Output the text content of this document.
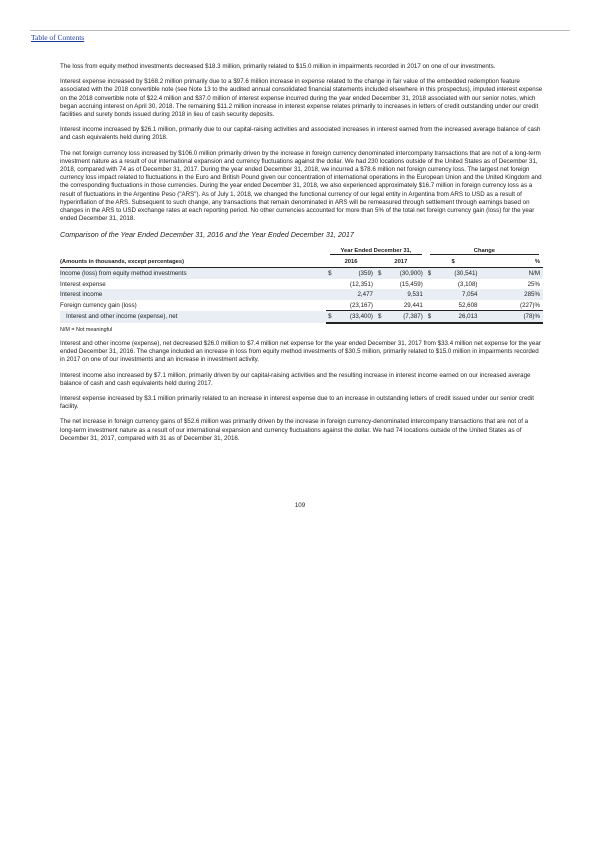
Table of Contents

The loss from equity method investments decreased $18.3 million, primarily related to $15.0 million in impairments recorded in 2017 on one of our investments.

Interest expense increased by $168.2 million primarily due to a $97.6 million increase in expense related to the change in fair value of the embedded redemption feature associated with the 2018 convertible note (see Note 13 to the audited annual consolidated financial statements included elsewhere in this prospectus), imputed interest expense on the 2018 convertible note of $22.4 million and $37.0 million of interest expense incurred during the year ended December 31, 2018 associated with our senior notes, which began accruing interest on April 30, 2018. The remaining $11.2 million increase in interest expense relates primarily to increases in letters of credit outstanding under our credit facilities and surety bonds issued during 2018 in lieu of cash security deposits.

Interest income increased by $26.1 million, primarily due to our capital-raising activities and associated increases in interest earned from the increased average balance of cash and cash equivalents held during 2018.

The net foreign currency loss increased by $106.0 million primarily driven by the increase in foreign currency denominated intercompany transactions that are not of a long-term investment nature as a result of our international expansion and currency fluctuations against the dollar. We had 230 locations outside of the United States as of December 31, 2018, compared with 74 as of December 31, 2017. During the year ended December 31, 2018, we incurred a $78.6 million net foreign currency loss. The largest net foreign currency loss impact related to fluctuations in the Euro and British Pound given our concentration of international operations in the European Union and the United Kingdom and the corresponding fluctuations in those currencies. During the year ended December 31, 2018, we also experienced approximately $16.7 million in foreign currency loss as a result of fluctuations in the Argentine Peso ("ARS"). As of July 1, 2018, we changed the functional currency of our legal entity in Argentina from ARS to USD as a result of hyperinflation of the ARS. Subsequent to such change, any transactions that remain denominated in ARS will be remeasured through settlement through earnings based on changes in the ARS to USD exchange rates at each reporting period. No other currencies accounted for more than 5% of the total net foreign currency gain (loss) for the year ended December 31, 2018.

Comparison of the Year Ended December 31, 2016 and the Year Ended December 31, 2017

	Year Ended December 31,				Change		

(Amounts in thousands, except percentages)	2016		2017		$		%
Income (loss) from equity method investments	$	(359)	$	(30,900)	$	(30,541)	N/M
Interest expense		(12,351)		(15,459)		(3,108)	25%
Interest income		2,477		9,531		7,054	285%
Foreign currency gain (loss)		(23,167)		29,441		52,608	(227)%
Interest and other income (expense), net	$	(33,400)	$	(7,387)	$	26,013	(78)%
N/M = Not meaningful

Interest and other income (expense), net decreased $26.0 million to $7.4 million net expense for the year ended December 31, 2017 from $33.4 million net expense for the year ended December 31, 2016. The change included an increase in loss from equity method investments of $30.5 million, primarily related to $15.0 million in impairments recorded in 2017 on one of our investments and an increase in investment activity.

Interest income also increased by $7.1 million, primarily driven by our capital-raising activities and the resulting increase in interest income earned on our increased average balance of cash and cash equivalents held during 2017.

Interest expense increased by $3.1 million primarily related to an increase in interest expense due to an increase in outstanding letters of credit issued under our senior credit facility.

The net increase in foreign currency gains of $52.6 million was primarily driven by the increase in foreign currency-denominated intercompany transactions that are not of a long-term investment nature as a result of our international expansion and currency fluctuations against the dollar. We had 74 locations outside of the United States as of December 31, 2017, compared with 31 as of December 31, 2016.

109
